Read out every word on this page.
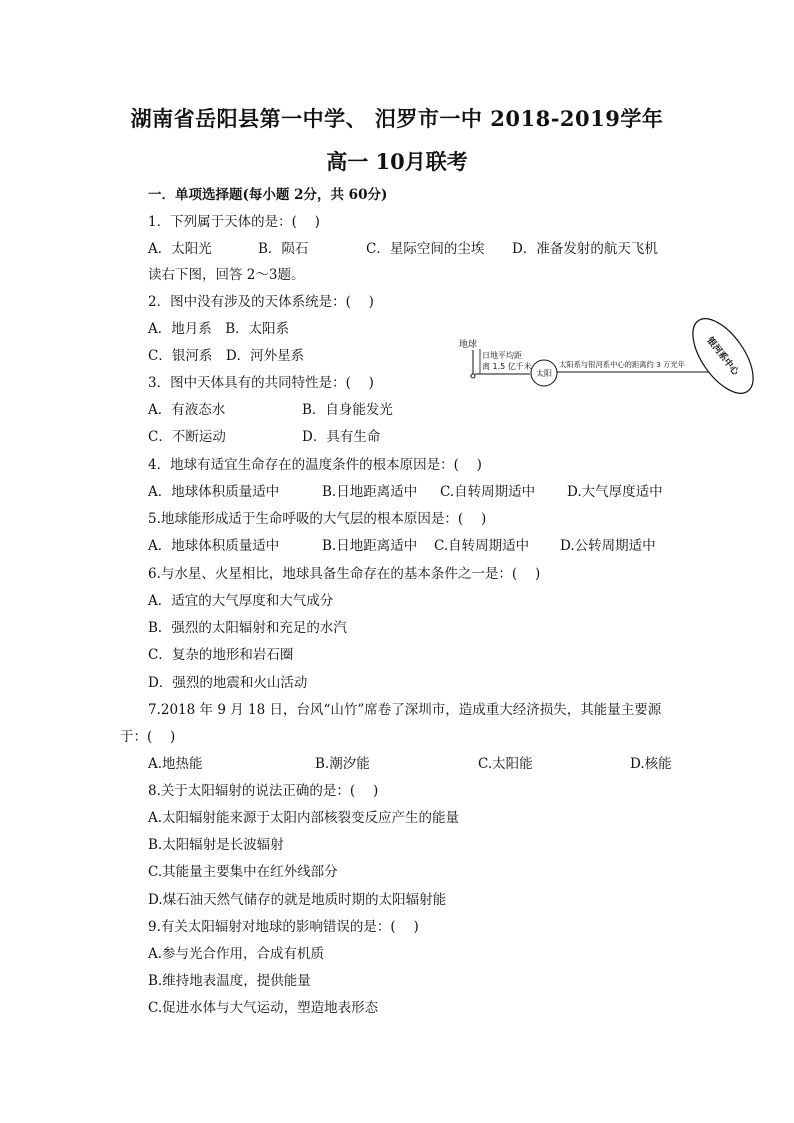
湖南省岳阳县第一中学、 汨罗市一中 2018-2019学年
高一 10月联考
一．单项选择题(每小题 2分，共 60分)
1．下列属于天体的是：(　 )
A．太阳光	B．陨石	C．星际空间的尘埃 D．准备发射的航天飞机
读右下图，回答 2～3题。
2．图中没有涉及的天体系统是：(　 )
A．地月系　B．太阳系
C．银河系　D．河外星系
3．图中天体具有的共同特性是：(　 )
A．有液态水	B．自身能发光
C．不断运动	D．具有生命
4．地球有适宜生命存在的温度条件的根本原因是：(　 )
A．地球体积质量适中	B.日地距离适中 C.自转周期适中 D.大气厚度适中
5.地球能形成适于生命呼吸的大气层的根本原因是：(　 )
A．地球体积质量适中	B.日地距离适中 C.自转周期适中 D.公转周期适中
6.与水星、火星相比，地球具备生命存在的基本条件之一是：(　 )
A．适宜的大气厚度和大气成分
B．强烈的太阳辐射和充足的水汽
C．复杂的地形和岩石圈
D．强烈的地震和火山活动
7.2018 年 9 月 18 日，台风“山竹”席卷了深圳市，造成重大经济损失，其能量主要源
于：(　 )
A.地热能	B.潮汐能	C.太阳能	D.核能
8.关于太阳辐射的说法正确的是：(　 )
A.太阳辐射能来源于太阳内部核裂变反应产生的能量
B.太阳辐射是长波辐射
C.其能量主要集中在红外线部分
D.煤石油天然气储存的就是地质时期的太阳辐射能
9.有关太阳辐射对地球的影响错误的是：(　 )
A.参与光合作用，合成有机质
B.维持地表温度，提供能量
C.促进水体与大气运动，塑造地表形态
地球
日地平均距
离 1.5 亿千米
太阳
太阳系与银河系中心的距离约 3 万光年 银河系中心
